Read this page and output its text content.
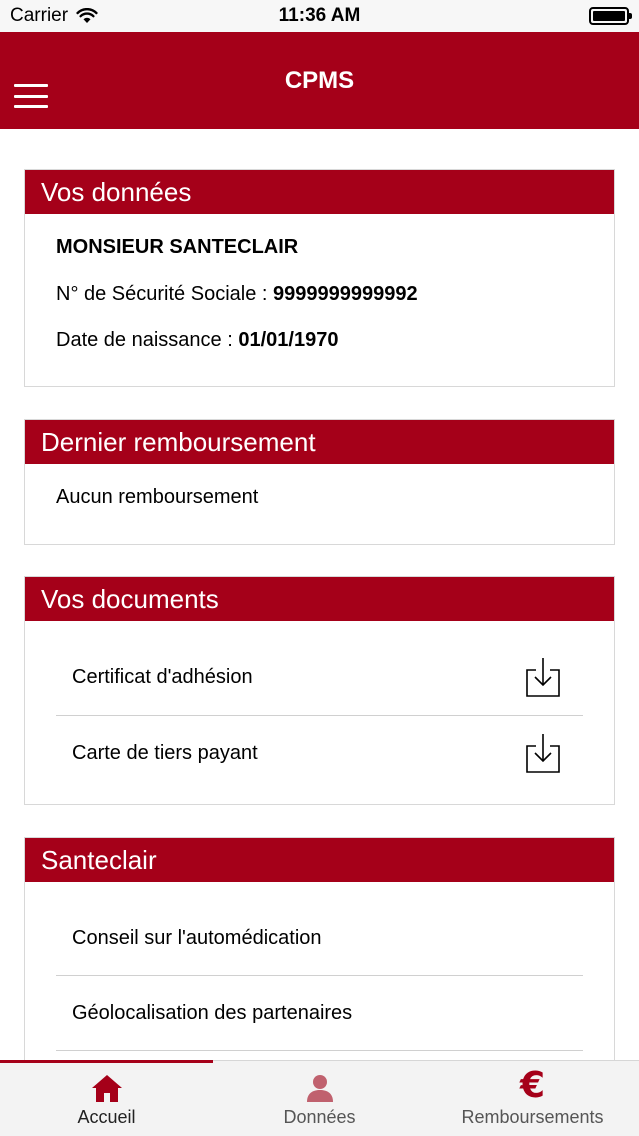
Carrier	11:36 AM
CPMS
Vos données
MONSIEUR SANTECLAIR
N° de Sécurité Sociale : 9999999999992
Date de naissance : 01/01/1970
Dernier remboursement
Aucun remboursement
Vos documents
Certificat d'adhésion
Carte de tiers payant
Santeclair
Conseil sur l'automédication
Géolocalisation des partenaires
Accueil	Données
€
Remboursements
